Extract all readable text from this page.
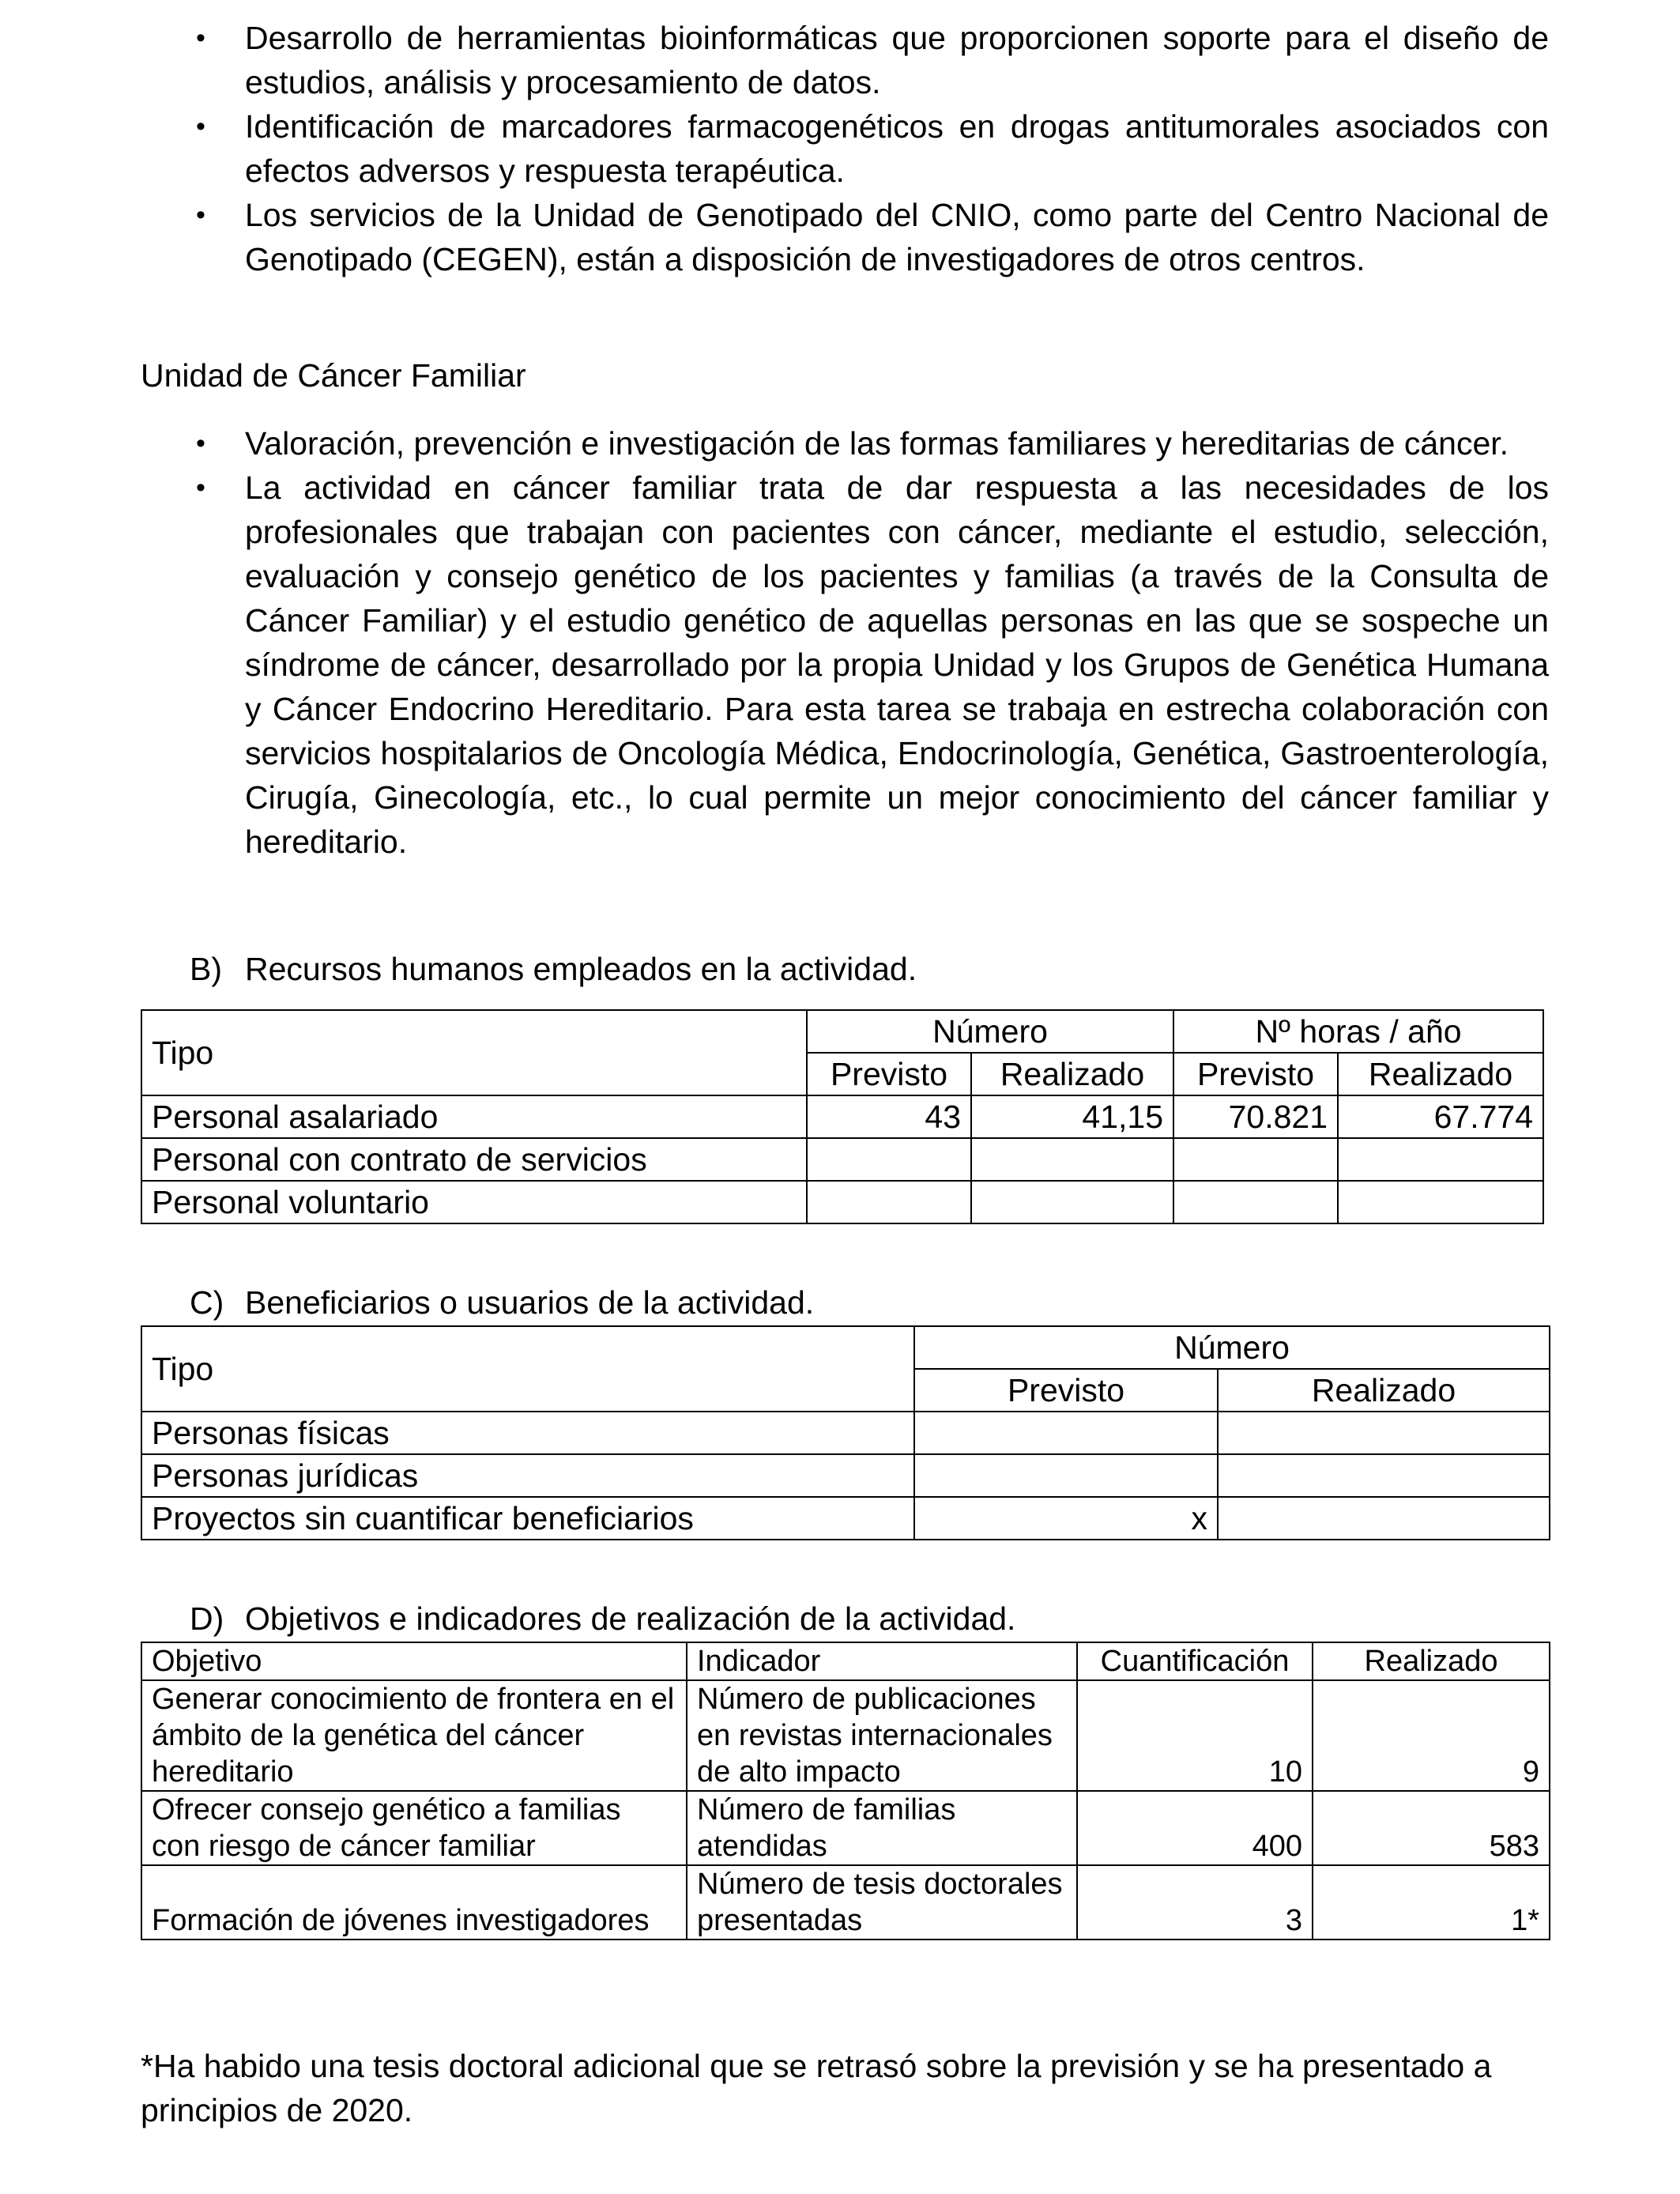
• Desarrollo de herramientas bioinformáticas que proporcionen soporte para el diseño de estudios, análisis y procesamiento de datos.
• Identificación de marcadores farmacogenéticos en drogas antitumorales asociados con efectos adversos y respuesta terapéutica.
• Los servicios de la Unidad de Genotipado del CNIO, como parte del Centro Nacional de Genotipado (CEGEN), están a disposición de investigadores de otros centros.
Unidad de Cáncer Familiar
• Valoración, prevención e investigación de las formas familiares y hereditarias de cáncer.
• La actividad en cáncer familiar trata de dar respuesta a las necesidades de los profesionales que trabajan con pacientes con cáncer, mediante el estudio, selección, evaluación y consejo genético de los pacientes y familias (a través de la Consulta de Cáncer Familiar) y el estudio genético de aquellas personas en las que se sospeche un síndrome de cáncer, desarrollado por la propia Unidad y los Grupos de Genética Humana y Cáncer Endocrino Hereditario. Para esta tarea se trabaja en estrecha colaboración con servicios hospitalarios de Oncología Médica, Endocrinología, Genética, Gastroenterología, Cirugía, Ginecología, etc., lo cual permite un mejor conocimiento del cáncer familiar y hereditario.
B) Recursos humanos empleados en la actividad.
Tipo	Número		Nº horas / año	
	Previsto	Realizado	Previsto	Realizado
Personal asalariado	43	41,15	70.821	67.774
Personal con contrato de servicios				
Personal voluntario				
C) Beneficiarios o usuarios de la actividad.
Tipo	Número	
	Previsto	Realizado
Personas físicas		
Personas jurídicas		
Proyectos sin cuantificar beneficiarios	x	
D) Objetivos e indicadores de realización de la actividad.
Objetivo	Indicador	Cuantificación	Realizado
Generar conocimiento de frontera en el ámbito de la genética del cáncer hereditario	Número de publicaciones en revistas internacionales de alto impacto	10	9
Ofrecer consejo genético a familias con riesgo de cáncer familiar	Número de familias atendidas	400	583
Formación de jóvenes investigadores	Número de tesis doctorales presentadas	3	1*
*Ha habido una tesis doctoral adicional que se retrasó sobre la previsión y se ha presentado a principios de 2020.
